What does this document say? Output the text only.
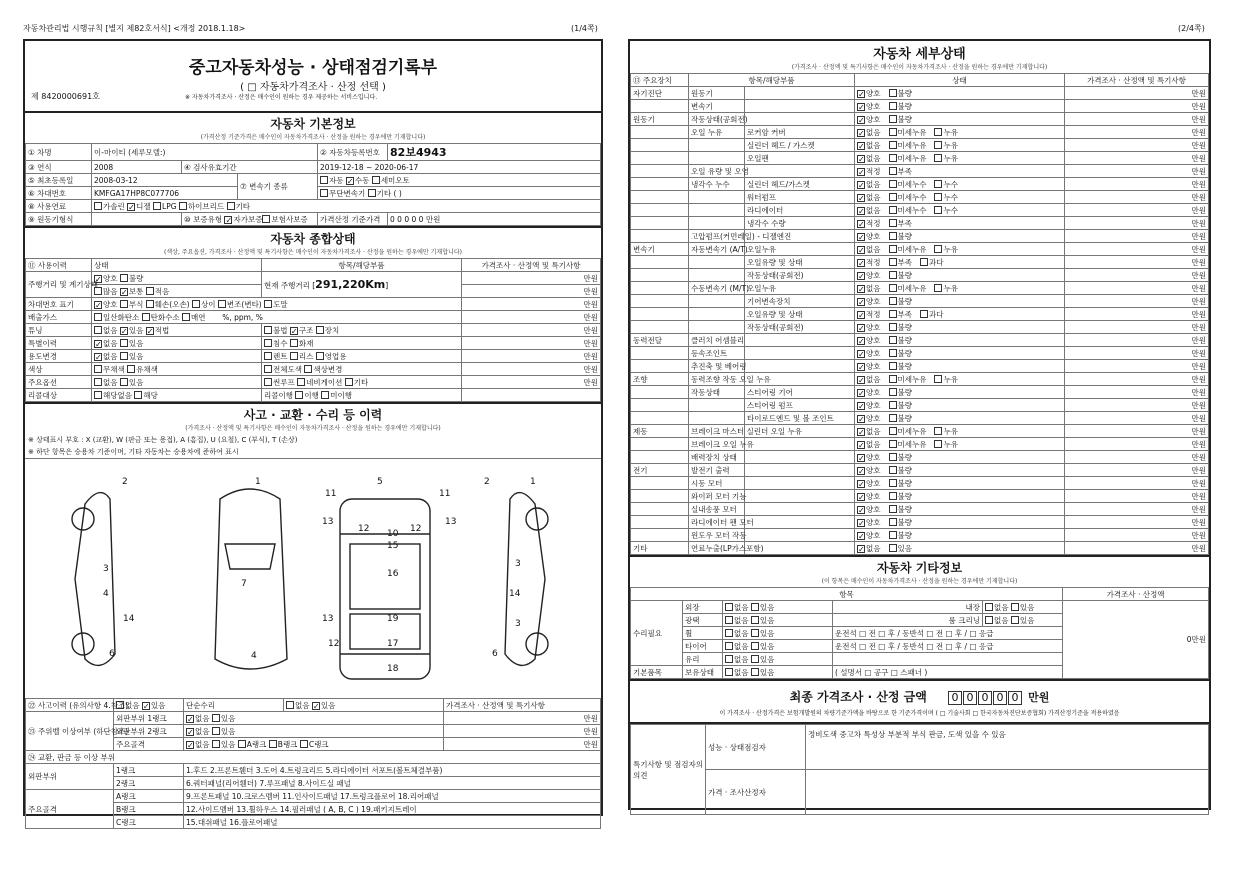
자동차관리법 시행규칙 [별지 제82호서식] <개정 2018.1.18>	(1/4쪽)	(2/4쪽)
중고자동차성능 · 상태점검기록부
( □ 자동차가격조사 · 산정 선택 )
제 8420000691호	※ 자동차가격조사 · 산정은 매수인이 원하는 경우 제공하는 서비스입니다.
자동차 기본정보
(가격산정 기준가격은 매수인이 자동차가격조사 · 산정을 원하는 경우에만 기재합니다)
① 차명	이-마이티 (세루모델:)			② 자동차등록번호	82보4943
③ 연식	2008	④ 검사유효기간		2019-12-18 ~ 2020-06-17	
⑤ 최초등록일	2008-03-12		⑦ 변속기 종류	자동 ✓ 수동 세미오토
⑥ 차대번호	KMFGA17HP8C077706			무단변속기 기타 ( )	
⑧ 사용연료	가솔린 ✓ 디젤 LPG 하이브리드 기타
⑨ 원동기형식		⑩ 보증유형 ✓ 자가보증 보험사보증		가격산정 기준가격	0 0 0 0 0 만원
자동차 종합상태
(색상, 주요옵션, 가격조사 · 산정액 및 특기사항은 매수인이 자동차가격조사 · 산정을 원하는 경우에만 기재합니다)
⑪ 사용이력	상태	항목/해당부품	가격조사 · 산정액 및 특기사항
주행거리 및 계기상태	✓양호 불량	현재 주행거리 [291,220Km]	만원
	많음 ✓ 보통 적음		만원
차대번호 표기	✓양호 부식 훼손(오손) 상이 변조(변타) 도말		만원
배출가스	일산화탄소 탄화수소 매연 %, ppm, %		만원
튜닝	없음 ✓ 있음 ✓ 적법	불법 ✓ 구조 장치	만원
특별이력	✓없음 있음	침수 화재	만원
용도변경	✓없음 있음	렌트 리스 영업용	만원
색상	무채색 유채색	전체도색 색상변경	만원
주요옵션	없음 있음	썬루프 네비게이션 기타	만원
리콜대상	해당없음 해당	리콜이행 이행 미이행	
사고 · 교환 · 수리 등 이력
(가격조사 · 산정액 및 특기사항은 매수인이 자동차가격조사 · 산정을 원하는 경우에만 기재합니다)
※ 상태표시 부호 : X (교환), W (판금 또는 용접), A (흠집), U (요철), C (부식), T (손상)
※ 하단 항목은 승용차 기준이며, 기타 자동차는 승용차에 준하여 표시
2	1
3
4
14
6
7
4
5
11	11
13	13
12	12
10
15
16
13	19
12	17
18
2	1
3
14
3
6
㉒ 사고이력 (유의사항 4.참조)	없음 ✓ 있음	단순수리	없음 ✓ 있음	가격조사 · 산정액 및 특기사항
㉓ 주위벨 이상여부 (하단참조)	외판부위 1랭크	✓없음 있음		만원
	외판부위 2랭크	✓없음 있음		만원
	주요골격	✓없음 있음 A랭크 B랭크 C랭크		만원
㉔ 교환, 판금 등 이상 부위				
외판부위	1랭크	1.후드 2.프론트휀더 3.도어 4.트렁크리드 5.라디에이터 서포트(볼트체결부품)		
	2랭크	6.쿼터패널(리어휀더) 7.루프패널 8.사이드실 패널		
주요골격	A랭크	9.프론트패널 10.크로스멤버 11.인사이드패널 17.트렁크플로어 18.리어패널		
	B랭크	12.사이드멤버 13.휠하우스 14.필러패널 ( A, B, C ) 19.패키지트레이		
	C랭크	15.대쉬패널 16.플로어패널		
자동차 세부상태
(가격조사 · 산정액 및 특기사항은 매수인이 자동차가격조사 · 산정을 원하는 경우에만 기재합니다)
⑬ 주요장치	항목/해당부품		상태	가격조사 · 산정액 및 특기사항
자기진단	원동기		✓양호 불량	만원
	변속기		✓양호 불량	만원
원동기	작동상태(공회전)		✓양호 불량	만원
	오일 누유	로커암 커버	✓없음 미세누유 누유	만원
		실린더 헤드 / 가스켓	✓없음 미세누유 누유	만원
		오일팬	✓없음 미세누유 누유	만원
	오일 유량 및 오염		✓적정 부족	만원
	냉각수 누수	실린더 헤드/가스켓	✓없음 미세누수 누수	만원
		워터펌프	✓없음 미세누수 누수	만원
		라디에이터	✓없음 미세누수 누수	만원
		냉각수 수량	✓적정 부족	만원
	고압펌프(커먼레일) - 디젤엔진		✓양호 불량	만원
변속기	자동변속기 (A/T)	오일누유	✓없음 미세누유 누유	만원
		오일유량 및 상태	✓적정 부족 과다	만원
		작동상태(공회전)	✓양호 불량	만원
	수동변속기 (M/T)	오일누유	✓없음 미세누유 누유	만원
		기어변속장치	✓양호 불량	만원
		오일유량 및 상태	✓적정 부족 과다	만원
		작동상태(공회전)	✓양호 불량	만원
동력전달	클러치 어셈블리		✓양호 불량	만원
	등속조인트		✓양호 불량	만원
	추진축 및 베어링		✓양호 불량	만원
조향	동력조향 작동 오일 누유		✓없음 미세누유 누유	만원
	작동상태	스티어링 기어	✓양호 불량	만원
		스티어링 펌프	✓양호 불량	만원
		타이로드엔드 및 볼 조인트	✓양호 불량	만원
제동	브레이크 마스터 실린더 오일 누유		✓없음 미세누유 누유	만원
	브레이크 오일 누유		✓없음 미세누유 누유	만원
	배력장치 상태		✓양호 불량	만원
전기	발전기 출력		✓양호 불량	만원
	시동 모터		✓양호 불량	만원
	와이퍼 모터 기능		✓양호 불량	만원
	실내송풍 모터		✓양호 불량	만원
	라디에이터 팬 모터		✓양호 불량	만원
	윈도우 모터 작동		✓양호 불량	만원
기타	연료누출(LP가스포함)		✓없음 있음	만원
자동차 기타정보
(이 항목은 매수인이 자동차가격조사 · 산정을 원하는 경우에만 기재합니다)
항목					가격조사 · 산정액
수리필요	외장	없음 있음	내장	없음 있음	0만원
	광택	없음 있음	룸 크리닝	없음 있음	
	휠	없음 있음	운전석 □ 전 □ 후 / 동반석 □ 전 □ 후 / □ 응급		
	타이어	없음 있음	운전석 □ 전 □ 후 / 동반석 □ 전 □ 후 / □ 응급		
	유리	없음 있음			
기본품목	보유상태	없음 있음	( 설명서 □ 공구 □ 스패너 )		
최종 가격조사 · 산정 금액 0 0 0 0 0 만원
이 가격조사 · 산정가격은 보험개발원의 차량기준가액을 바탕으로 한 기준가격이며 ( □ 기술사회 □ 한국자동차진단보증협회) 가격산정기준을 적용하였음
특기사항 및 점검자의 의견	성능 · 상태점검자	정비도색 중고차 특성상 부분적 부식 판금, 도색 있을 수 있음
	가격 · 조사산정자	
